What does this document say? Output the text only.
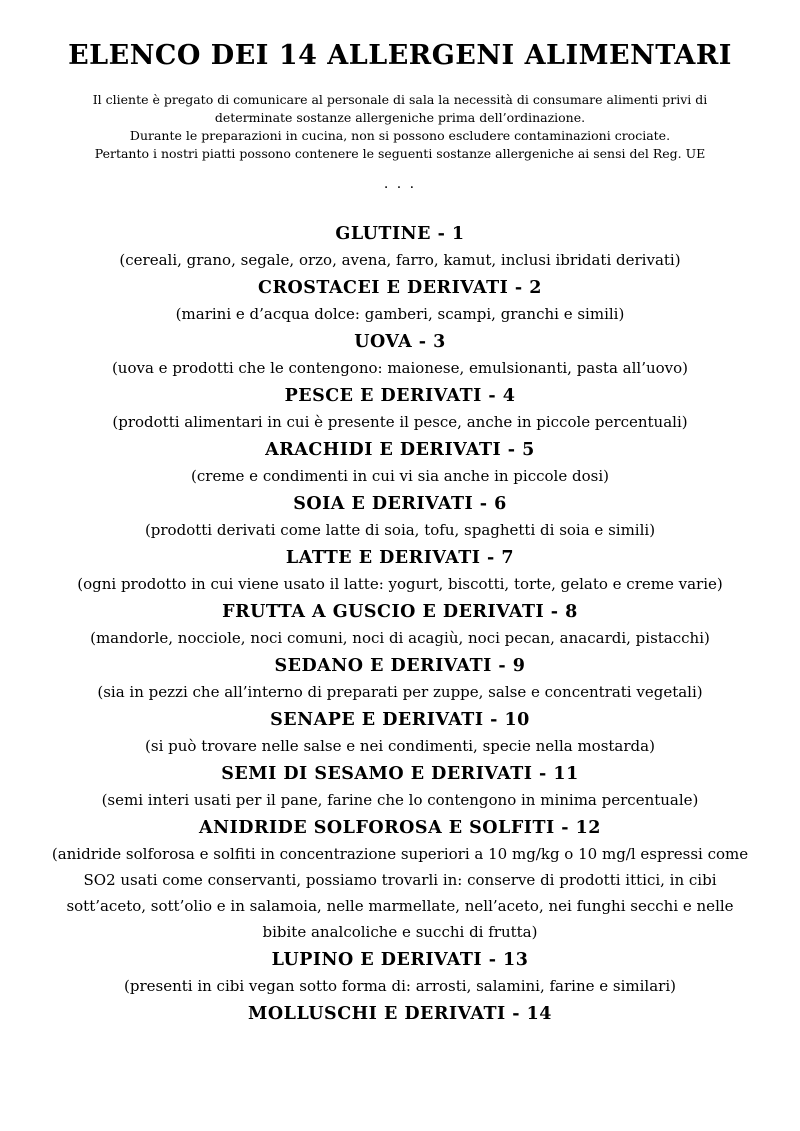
ELENCO DEI 14 ALLERGENI ALIMENTARI

Il cliente è pregato di comunicare al personale di sala la necessità di consumare alimenti privi di determinate sostanze allergeniche prima dell’ordinazione.

Durante le preparazioni in cucina, non si possono escludere contaminazioni crociate.

Pertanto i nostri piatti possono contenere le seguenti sostanze allergeniche ai sensi del Reg. UE

. . .
GLUTINE - 1
(cereali, grano, segale, orzo, avena, farro, kamut, inclusi ibridati derivati)
CROSTACEI E DERIVATI - 2
(marini e d’acqua dolce: gamberi, scampi, granchi e simili)
UOVA - 3
(uova e prodotti che le contengono: maionese, emulsionanti, pasta all’uovo)
PESCE E DERIVATI - 4
(prodotti alimentari in cui è presente il pesce, anche in piccole percentuali)
ARACHIDI E DERIVATI - 5
(creme e condimenti in cui vi sia anche in piccole dosi)
SOIA E DERIVATI - 6
(prodotti derivati come latte di soia, tofu, spaghetti di soia e simili)
LATTE E DERIVATI - 7
(ogni prodotto in cui viene usato il latte: yogurt, biscotti, torte, gelato e creme varie)
FRUTTA A GUSCIO E DERIVATI - 8
(mandorle, nocciole, noci comuni, noci di acagiù, noci pecan, anacardi, pistacchi)
SEDANO E DERIVATI - 9
(sia in pezzi che all’interno di preparati per zuppe, salse e concentrati vegetali)
SENAPE E DERIVATI - 10
(si può trovare nelle salse e nei condimenti, specie nella mostarda)
SEMI DI SESAMO E DERIVATI - 11
(semi interi usati per il pane, farine che lo contengono in minima percentuale)
ANIDRIDE SOLFOROSA E SOLFITI - 12
(anidride solforosa e solfiti in concentrazione superiori a 10 mg/kg o 10 mg/l espressi come SO2 usati come conservanti, possiamo trovarli in: conserve di prodotti ittici, in cibi sott’aceto, sott’olio e in salamoia, nelle marmellate, nell’aceto, nei funghi secchi e nelle bibite analcoliche e succhi di frutta)
LUPINO E DERIVATI - 13
(presenti in cibi vegan sotto forma di: arrosti, salamini, farine e similari)
MOLLUSCHI E DERIVATI - 14
